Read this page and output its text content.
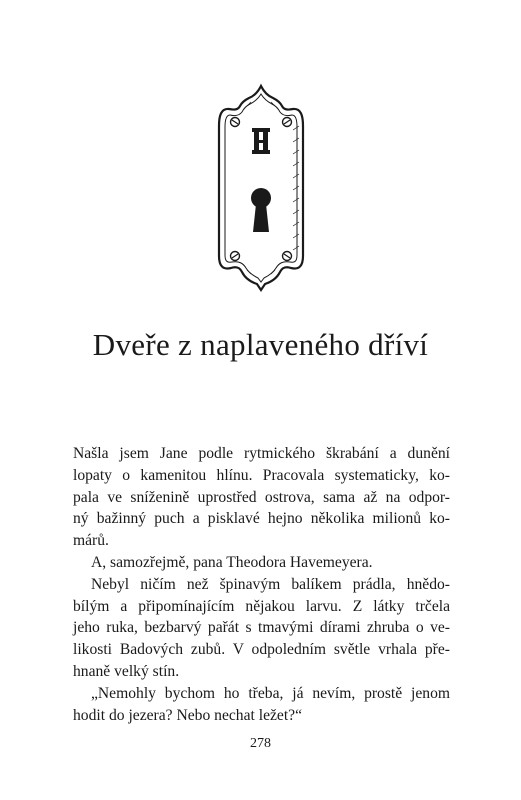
Dveře z naplaveného dříví
Našla jsem Jane podle rytmického škrabání a dunění
lopaty o kamenitou hlínu. Pracovala systematicky, ko-
pala ve sníženině uprostřed ostrova, sama až na odpor-
ný bažinný puch a pisklavé hejno několika milionů ko-
márů.
A, samozřejmě, pana Theodora Havemeyera.
Nebyl ničím než špinavým balíkem prádla, hnědo-
bílým a připomínajícím nějakou larvu. Z látky trčela
jeho ruka, bezbarvý pařát s tmavými dírami zhruba o ve-
likosti Badových zubů. V odpoledním světle vrhala pře-
hnaně velký stín.
„Nemohly bychom ho třeba, já nevím, prostě jenom
hodit do jezera? Nebo nechat ležet?“
278
